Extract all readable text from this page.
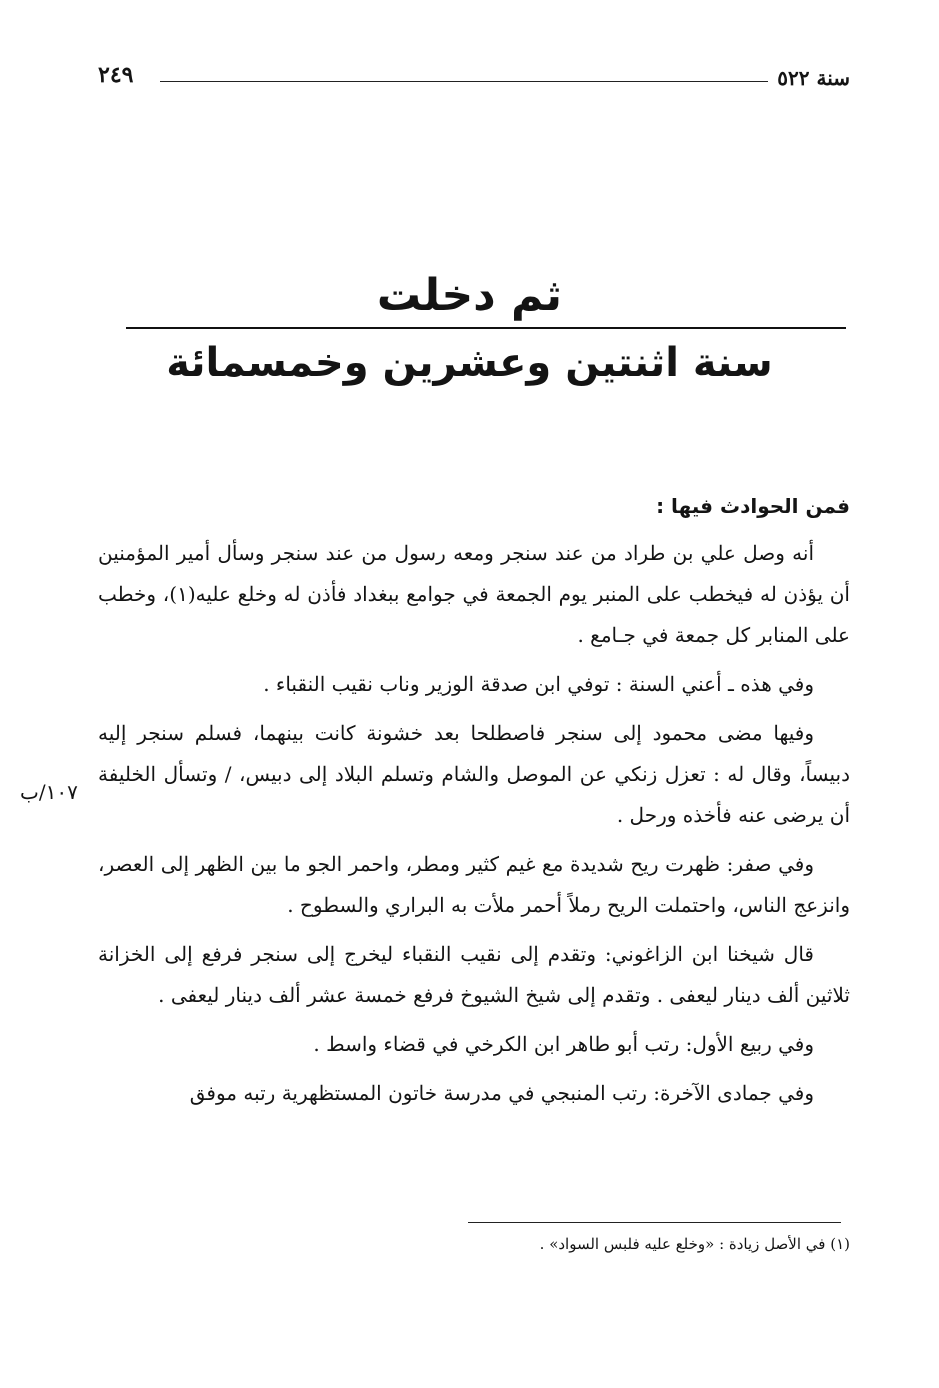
سنة ٥٢٢
٢٤٩
ثم دخلت
سنة اثنتين وعشرين وخمسمائة

فمن الحوادث فيها :

أنه وصل علي بن طراد من عند سنجر ومعه رسول من عند سنجر وسأل أمير المؤمنين أن يؤذن له فيخطب على المنبر يوم الجمعة في جوامع ببغداد فأذن له وخلع عليه(١)، وخطب على المنابر كل جمعة في جـامع .

وفي هذه ـ أعني السنة : توفي ابن صدقة الوزير وناب نقيب النقباء .

وفيها مضى محمود إلى سنجر فاصطلحا بعد خشونة كانت بينهما، فسلم سنجر إليه دبيساً، وقال له : تعزل زنكي عن الموصل والشام وتسلم البلاد إلى دبيس، / وتسأل الخليفة أن يرضى عنه فأخذه ورحل .

وفي صفر: ظهرت ريح شديدة مع غيم كثير ومطر، واحمر الجو ما بين الظهر إلى العصر، وانزعج الناس، واحتملت الريح رملاً أحمر ملأت به البراري والسطوح .

قال شيخنا ابن الزاغوني: وتقدم إلى نقيب النقباء ليخرج إلى سنجر فرفع إلى الخزانة ثلاثين ألف دينار ليعفى . وتقدم إلى شيخ الشيوخ فرفع خمسة عشر ألف دينار ليعفى .

وفي ربيع الأول: رتب أبو طاهر ابن الكرخي في قضاء واسط .

وفي جمادى الآخرة: رتب المنبجي في مدرسة خاتون المستظهرية رتبه موفق

١٠٧/ب
(١) في الأصل زيادة : «وخلع عليه فلبس السواد» .
